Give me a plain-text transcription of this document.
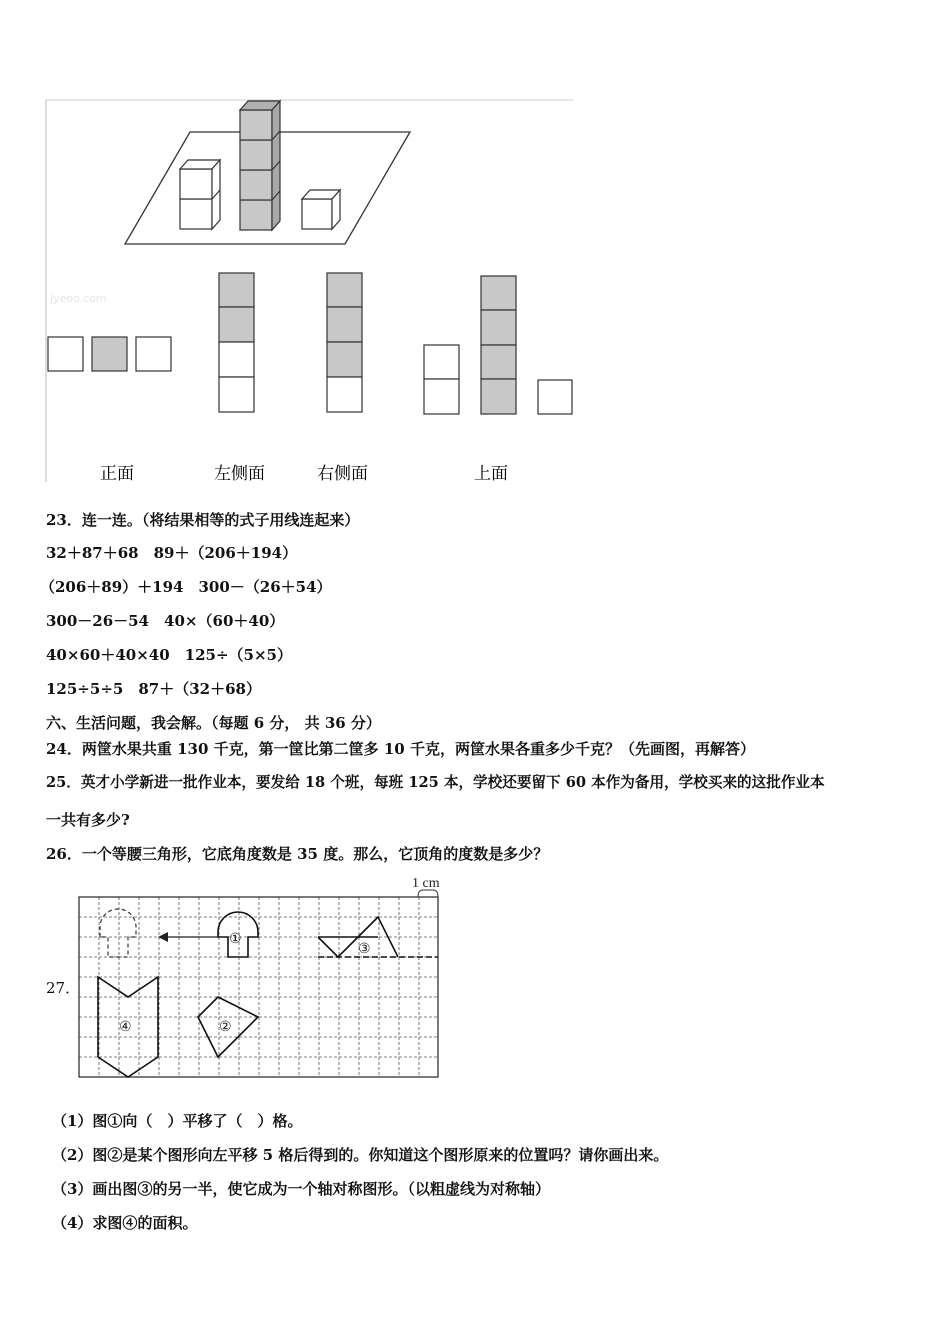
jyeoo.com
正面	左侧面	右侧面	上面
23．连一连。（将结果相等的式子用线连起来）
32＋87＋68　89＋（206＋194）
（206＋89）＋194　300－（26＋54）
300－26－54　40×（60＋40）
40×60＋40×40　125÷（5×5）
125÷5÷5　87＋（32＋68）
六、生活问题，我会解。（每题 6 分， 共 36 分）
24．两筐水果共重 130 千克，第一筐比第二筐多 10 千克，两筐水果各重多少千克？（先画图，再解答）
25．英才小学新进一批作业本，要发给 18 个班，每班 125 本，学校还要留下 60 本作为备用，学校买来的这批作业本
一共有多少?
26．一个等腰三角形，它底角度数是 35 度。那么，它顶角的度数是多少？
27．
1 cm
①
③
④	②
（1）图①向（　）平移了（　）格。
（2）图②是某个图形向左平移 5 格后得到的。你知道这个图形原来的位置吗？请你画出来。
（3）画出图③的另一半，使它成为一个轴对称图形。（以粗虚线为对称轴）
（4）求图④的面积。
